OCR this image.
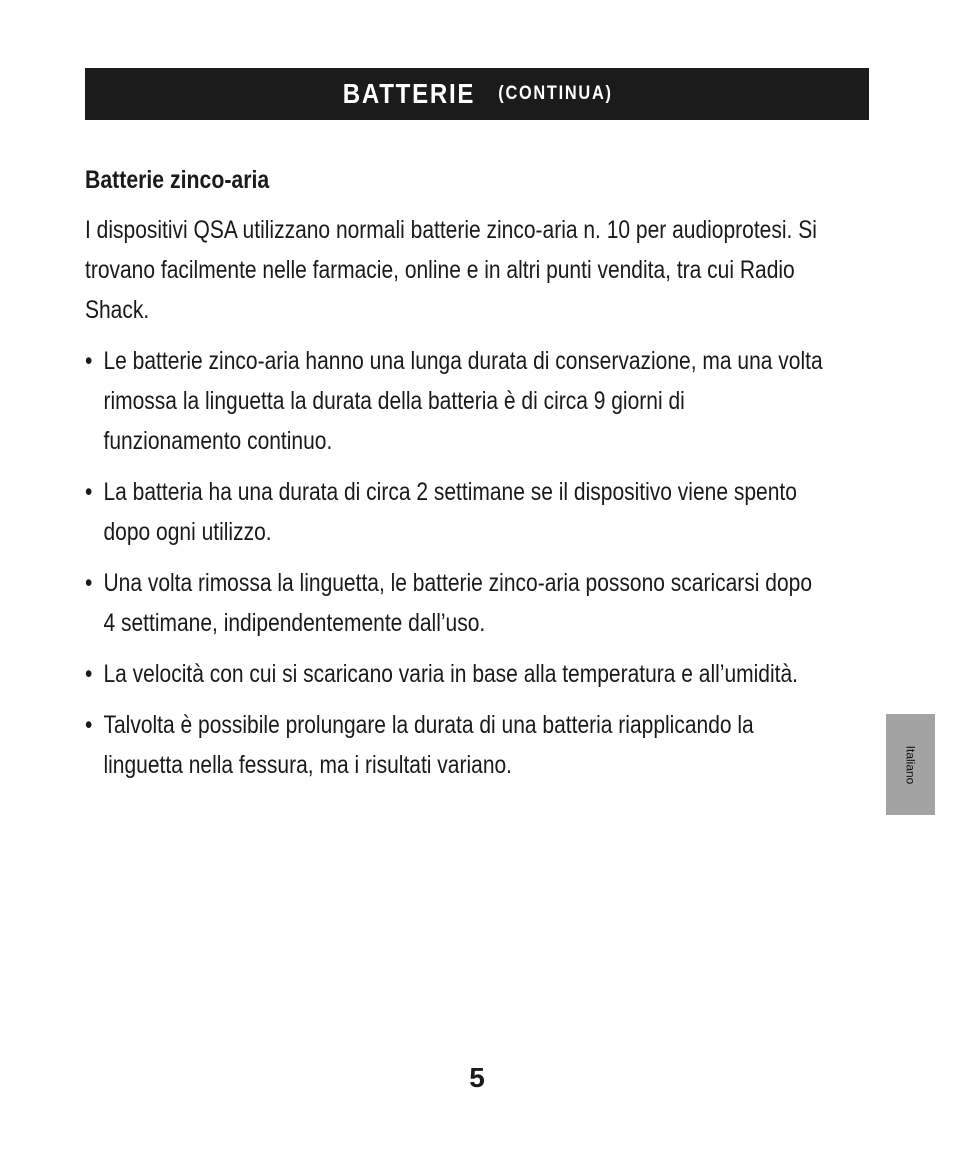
BATTERIE (CONTINUA)
Batterie zinco-aria

I dispositivi QSA utilizzano normali batterie zinco-aria n. 10 per audioprotesi. Si trovano facilmente nelle farmacie, online e in altri punti vendita, tra cui Radio Shack.

• Le batterie zinco-aria hanno una lunga durata di conservazione, ma una volta rimossa la linguetta la durata della batteria è di circa 9 giorni di funzionamento continuo.
• La batteria ha una durata di circa 2 settimane se il dispositivo viene spento dopo ogni utilizzo.
• Una volta rimossa la linguetta, le batterie zinco-aria possono scaricarsi dopo 4 settimane, indipendentemente dall’uso.
• La velocità con cui si scaricano varia in base alla temperatura e all’umidità.
• Talvolta è possibile prolungare la durata di una batteria riapplicando la linguetta nella fessura, ma i risultati variano.	Italiano
5
